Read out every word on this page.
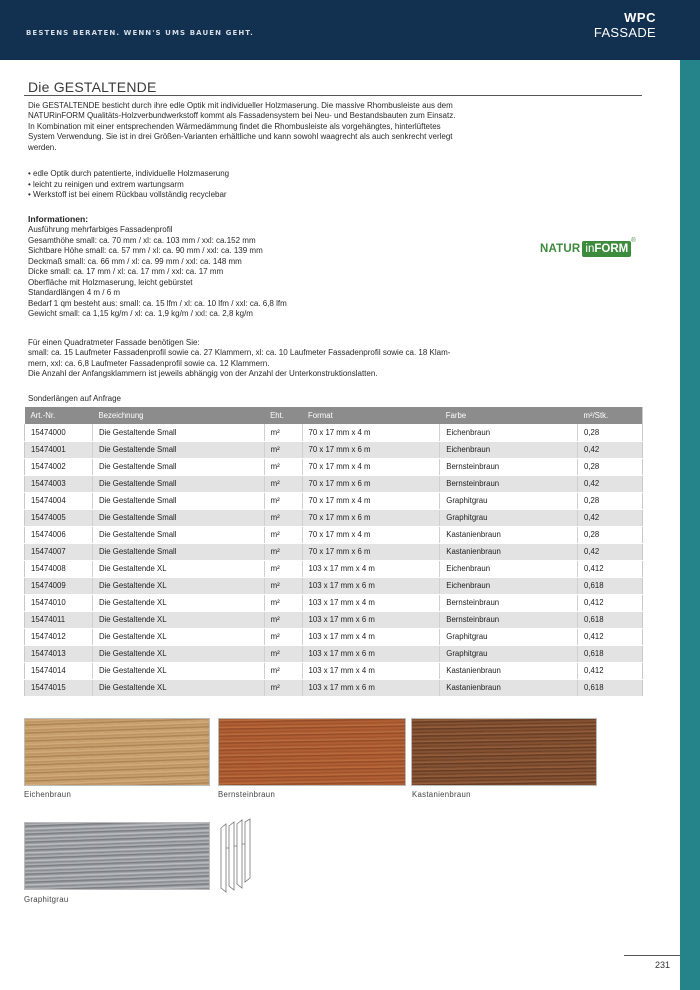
BESTENS BERATEN. WENN'S UMS BAUEN GEHT.
WPC
FASSADE
Die GESTALTENDE
Die GESTALTENDE besticht durch ihre edle Optik mit individueller Holzmaserung. Die massive Rhombusleiste aus dem
NATURinFORM Qualitäts-Holzverbundwerkstoff kommt als Fassadensystem bei Neu- und Bestandsbauten zum Einsatz.
In Kombination mit einer entsprechenden Wärmedämmung findet die Rhombusleiste als vorgehängtes, hinterlüftetes
System Verwendung. Sie ist in drei Größen-Varianten erhältliche und kann sowohl waagrecht als auch senkrecht verlegt
werden.
• edle Optik durch patentierte, individuelle Holzmaserung
• leicht zu reinigen und extrem wartungsarm
• Werkstoff ist bei einem Rückbau vollständig recyclebar
Informationen:
Ausführung mehrfarbiges Fassadenprofil
Gesamthöhe small: ca. 70 mm / xl: ca. 103 mm / xxl: ca.152 mm
Sichtbare Höhe small: ca. 57 mm / xl: ca. 90 mm / xxl: ca. 139 mm
Deckmaß small: ca. 66 mm / xl: ca. 99 mm / xxl: ca. 148 mm
Dicke small: ca. 17 mm / xl: ca. 17 mm / xxl: ca. 17 mm
Oberfläche mit Holzmaserung, leicht gebürstet
Standardlängen 4 m / 6 m
Bedarf 1 qm besteht aus: small: ca. 15 lfm / xl: ca. 10 lfm / xxl: ca. 6,8 lfm
Gewicht small: ca 1,15 kg/m / xl: ca. 1,9 kg/m / xxl: ca. 2,8 kg/m
NATUR inFORM
®
Für einen Quadratmeter Fassade benötigen Sie:
small: ca. 15 Laufmeter Fassadenprofil sowie ca. 27 Klammern, xl: ca. 10 Laufmeter Fassadenprofil sowie ca. 18 Klam-
mern, xxl: ca. 6,8 Laufmeter Fassadenprofil sowie ca. 12 Klammern.
Die Anzahl der Anfangsklammern ist jeweils abhängig von der Anzahl der Unterkonstruktionslatten.
Sonderlängen auf Anfrage
Art.-Nr.	Bezeichnung	Eht.	Format	Farbe	m²/Stk.
15474000	Die Gestaltende Small	m²	70 x 17 mm x 4 m	Eichenbraun	0,28
15474001	Die Gestaltende Small	m²	70 x 17 mm x 6 m	Eichenbraun	0,42
15474002	Die Gestaltende Small	m²	70 x 17 mm x 4 m	Bernsteinbraun	0,28
15474003	Die Gestaltende Small	m²	70 x 17 mm x 6 m	Bernsteinbraun	0,42
15474004	Die Gestaltende Small	m²	70 x 17 mm x 4 m	Graphitgrau	0,28
15474005	Die Gestaltende Small	m²	70 x 17 mm x 6 m	Graphitgrau	0,42
15474006	Die Gestaltende Small	m²	70 x 17 mm x 4 m	Kastanienbraun	0,28
15474007	Die Gestaltende Small	m²	70 x 17 mm x 6 m	Kastanienbraun	0,42
15474008	Die Gestaltende XL	m²	103 x 17 mm x 4 m	Eichenbraun	0,412
15474009	Die Gestaltende XL	m²	103 x 17 mm x 6 m	Eichenbraun	0,618
15474010	Die Gestaltende XL	m²	103 x 17 mm x 4 m	Bernsteinbraun	0,412
15474011	Die Gestaltende XL	m²	103 x 17 mm x 6 m	Bernsteinbraun	0,618
15474012	Die Gestaltende XL	m²	103 x 17 mm x 4 m	Graphitgrau	0,412
15474013	Die Gestaltende XL	m²	103 x 17 mm x 6 m	Graphitgrau	0,618
15474014	Die Gestaltende XL	m²	103 x 17 mm x 4 m	Kastanienbraun	0,412
15474015	Die Gestaltende XL	m²	103 x 17 mm x 6 m	Kastanienbraun	0,618
Eichenbraun	Bernsteinbraun	Kastanienbraun
Graphitgrau
231
